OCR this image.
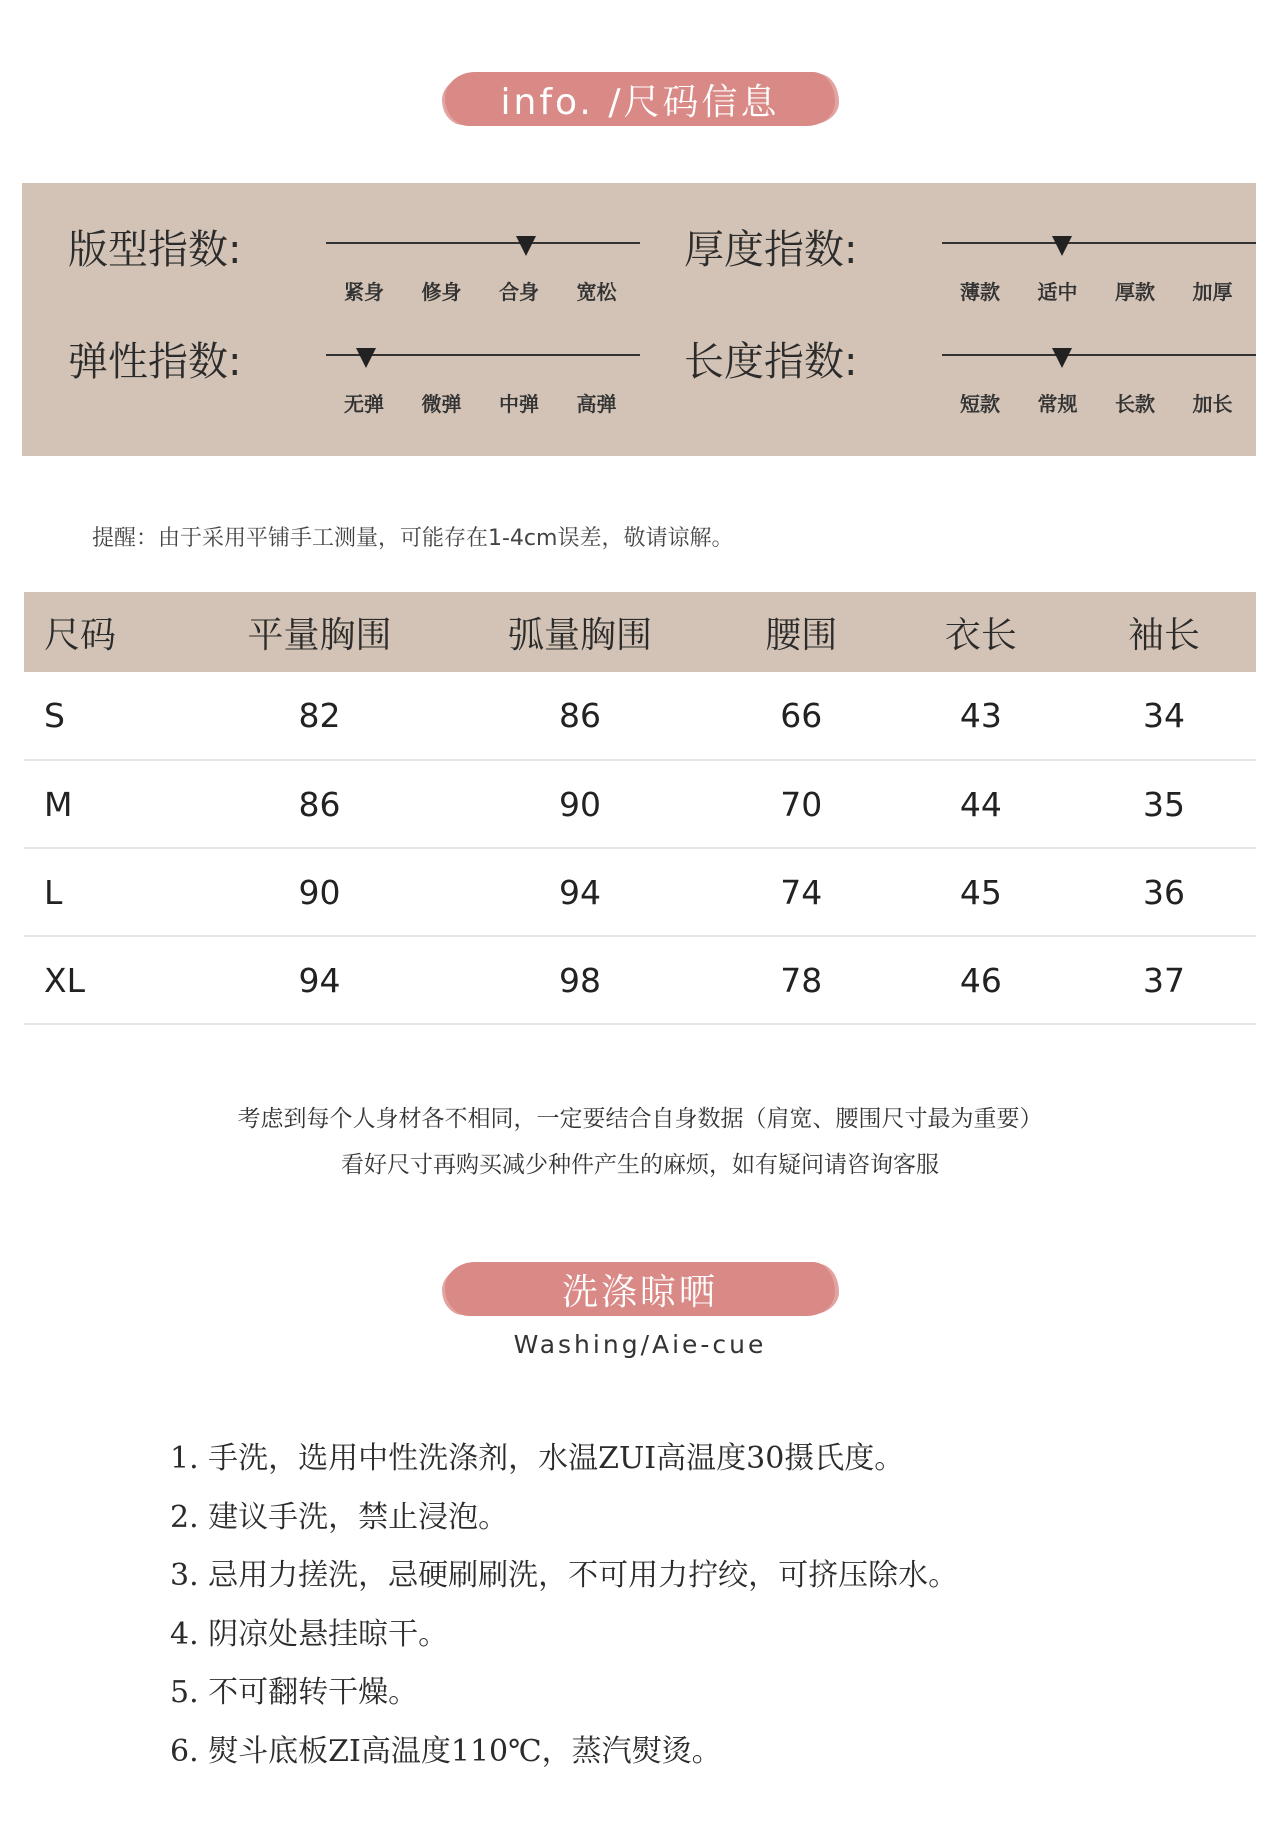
info. /尺码信息
版型指数:
紧身	修身	合身	宽松
厚度指数:
薄款	适中	厚款	加厚
弹性指数:
无弹	微弹	中弹	高弹
长度指数:
短款	常规	长款	加长
提醒：由于采用平铺手工测量，可能存在1-4cm误差，敬请谅解。
尺码	平量胸围	弧量胸围	腰围	衣长	袖长
S	82	86	66	43	34
M	86	90	70	44	35
L	90	94	74	45	36
XL	94	98	78	46	37
考虑到每个人身材各不相同，一定要结合自身数据（肩宽、腰围尺寸最为重要）
看好尺寸再购买减少种件产生的麻烦，如有疑问请咨询客服
洗涤晾晒
Washing/Aie-cue
1. 手洗，选用中性洗涤剂，水温ZUI高温度30摄氏度。
2. 建议手洗，禁止浸泡。
3. 忌用力搓洗，忌硬刷刷洗，不可用力拧绞，可挤压除水。
4. 阴凉处悬挂晾干。
5. 不可翻转干燥。
6. 熨斗底板ZI高温度110℃，蒸汽熨烫。
